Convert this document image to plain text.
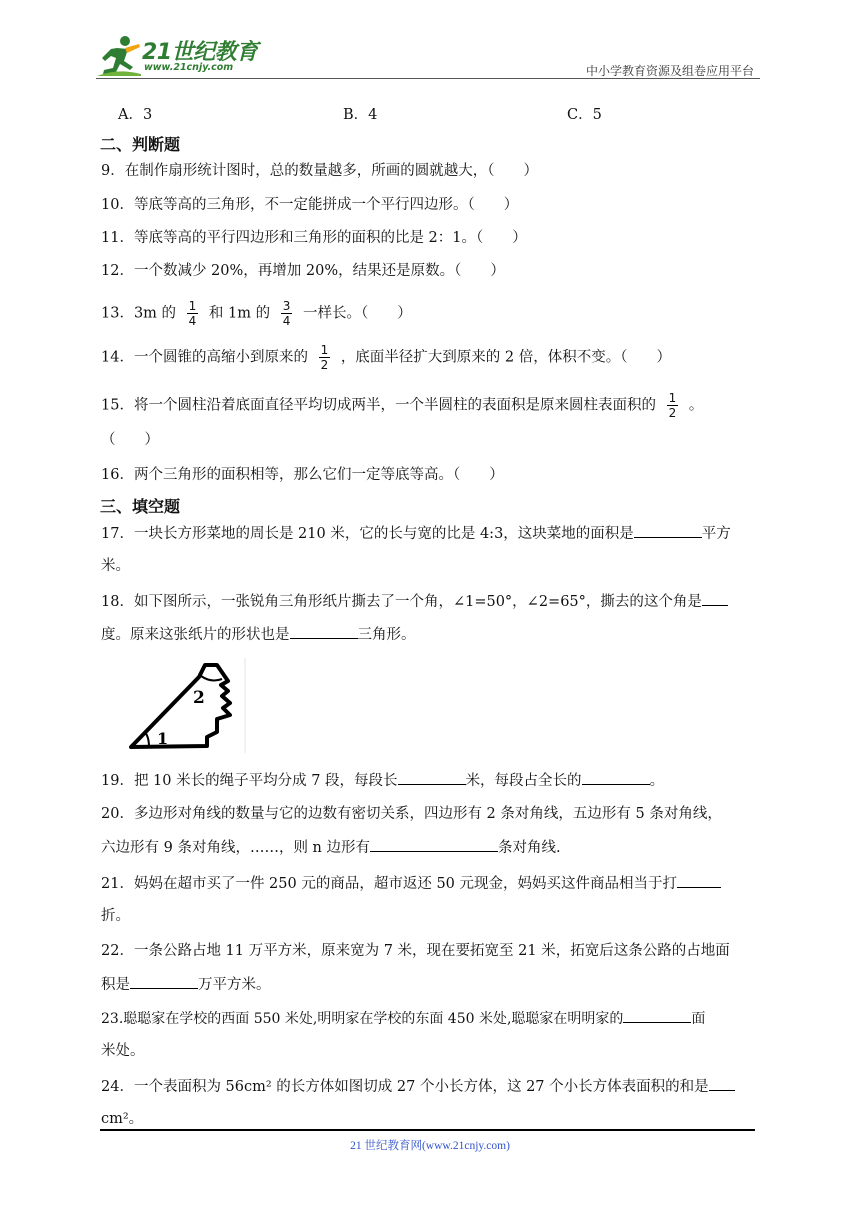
21世纪教育
www.21cnjy.com	中小学教育资源及组卷应用平台
A．3	B．4	C．5
二、判断题
9．在制作扇形统计图时，总的数量越多，所画的圆就越大，（　　）
10．等底等高的三角形，不一定能拼成一个平行四边形。（　　）
11．等底等高的平行四边形和三角形的面积的比是 2：1。（　　）
12．一个数减少 20%，再增加 20%，结果还是原数。（　　）
13．3m 的 $\frac{1}{4}$ 和 1m 的 $\frac{3}{4}$ 一样长。（　　）
14．一个圆锥的高缩小到原来的 $\frac{1}{2}$ ，底面半径扩大到原来的 2 倍，体积不变。（　　）
15．将一个圆柱沿着底面直径平均切成两半，一个半圆柱的表面积是原来圆柱表面积的 $\frac{1}{2}$ 。
（　　）
16．两个三角形的面积相等，那么它们一定等底等高。（　　）
三、填空题
17．一块长方形菜地的周长是 210 米，它的长与宽的比是 4:3，这块菜地的面积是	平方
米。
18．如下图所示，一张锐角三角形纸片撕去了一个角，∠1=50°，∠2=65°，撕去的这个角是
度。原来这张纸片的形状也是	三角形。
1
2
19．把 10 米长的绳子平均分成 7 段，每段长	米，每段占全长的	。
20．多边形对角线的数量与它的边数有密切关系，四边形有 2 条对角线，五边形有 5 条对角线，
六边形有 9 条对角线，……，则 n 边形有	条对角线.
21．妈妈在超市买了一件 250 元的商品，超市返还 50 元现金，妈妈买这件商品相当于打
折。
22．一条公路占地 11 万平方米，原来宽为 7 米，现在要拓宽至 21 米，拓宽后这条公路的占地面
积是	万平方米。
23.聪聪家在学校的西面 550 米处,明明家在学校的东面 450 米处,聪聪家在明明家的	面
米处。
24．一个表面积为 56cm² 的长方体如图切成 27 个小长方体，这 27 个小长方体表面积的和是
cm²。
21 世纪教育网(www.21cnjy.com)
